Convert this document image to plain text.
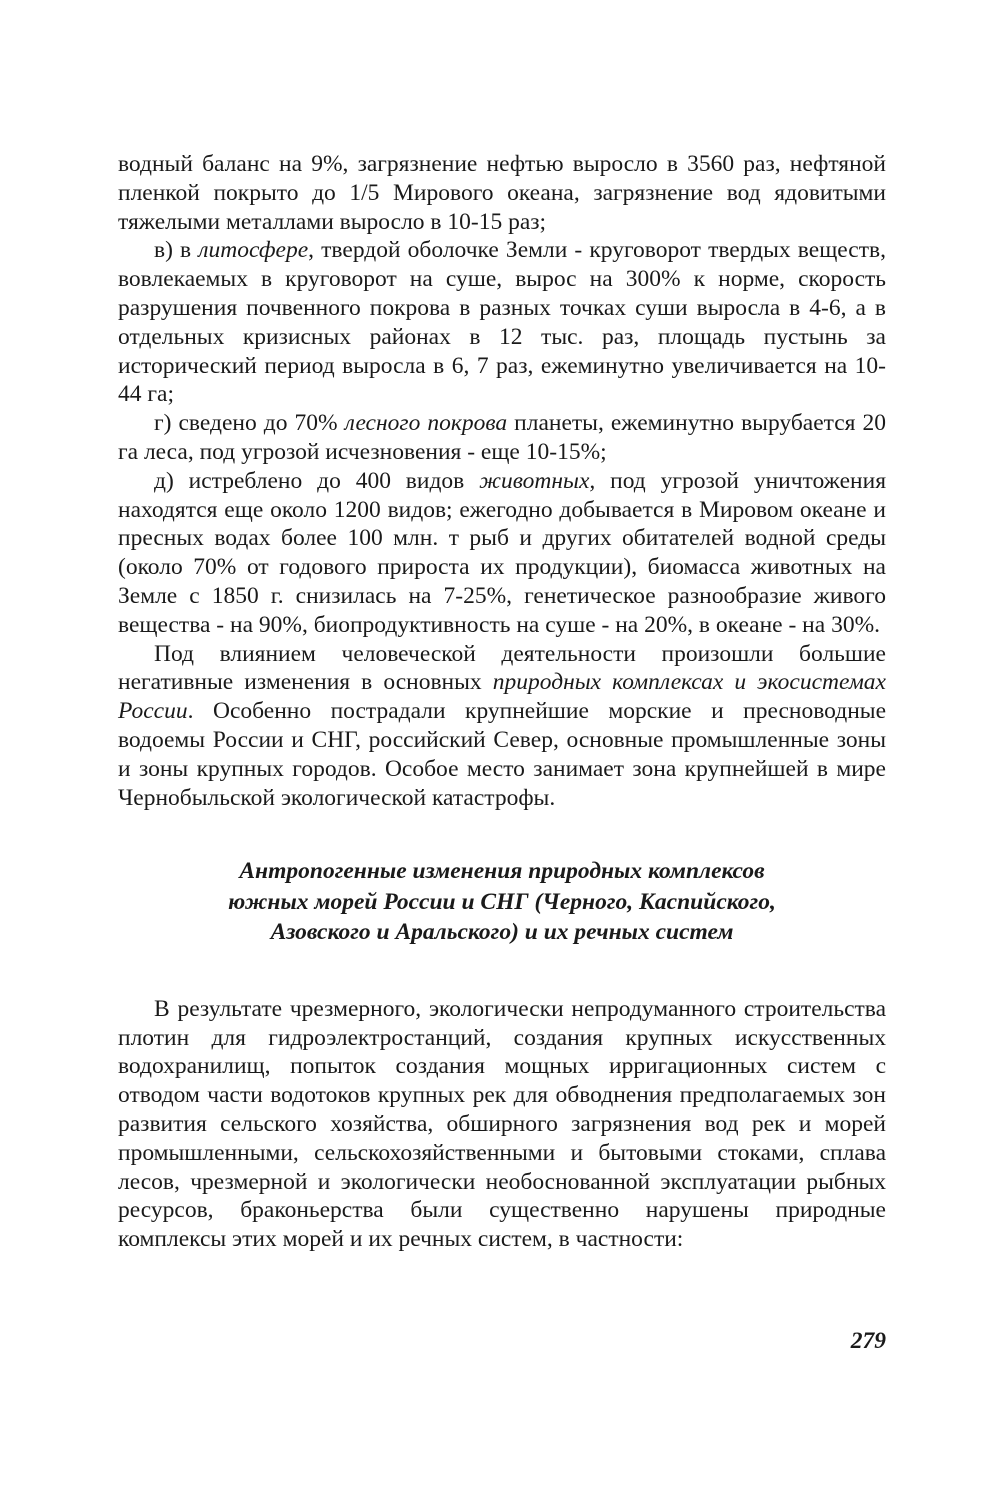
водный баланс на 9%, загрязнение нефтью выросло в 3560 раз, нефтяной пленкой покрыто до 1/5 Мирового океана, загрязнение вод ядовитыми тяжелыми металлами выросло в 10-15 раз;

в) в литосфере, твердой оболочке Земли - круговорот твердых веществ, вовлекаемых в круговорот на суше, вырос на 300% к норме, скорость разрушения почвенного покрова в разных точках суши выросла в 4-6, а в отдельных кризисных районах в 12 тыс. раз, площадь пустынь за исторический период выросла в 6, 7 раз, ежеминутно увеличивается на 10-44 га;

г) сведено до 70% лесного покрова планеты, ежеминутно вырубается 20 га леса, под угрозой исчезновения - еще 10-15%;

д) истреблено до 400 видов животных, под угрозой уничтожения находятся еще около 1200 видов; ежегодно добывается в Мировом океане и пресных водах более 100 млн. т рыб и других обитателей водной среды (около 70% от годового прироста их продукции), биомасса животных на Земле с 1850 г. снизилась на 7-25%, генетическое разнообразие живого вещества - на 90%, биопродуктивность на суше - на 20%, в океане - на 30%.

Под влиянием человеческой деятельности произошли большие негативные изменения в основных природных комплексах и экосистемах России. Особенно пострадали крупнейшие морские и пресноводные водоемы России и СНГ, российский Север, основные промышленные зоны и зоны крупных городов. Особое место занимает зона крупнейшей в мире Чернобыльской экологической катастрофы.

Антропогенные изменения природных комплексов
южных морей России и СНГ (Черного, Каспийского,
Азовского и Аральского) и их речных систем

В результате чрезмерного, экологически непродуманного строительства плотин для гидроэлектростанций, создания крупных искусственных водохранилищ, попыток создания мощных ирригационных систем с отводом части водотоков крупных рек для обводнения предполагаемых зон развития сельского хозяйства, обширного загрязнения вод рек и морей промышленными, сельскохозяйственными и бытовыми стоками, сплава лесов, чрезмерной и экологически необоснованной эксплуатации рыбных ресурсов, браконьерства были существенно нарушены природные комплексы этих морей и их речных систем, в частности:

279
